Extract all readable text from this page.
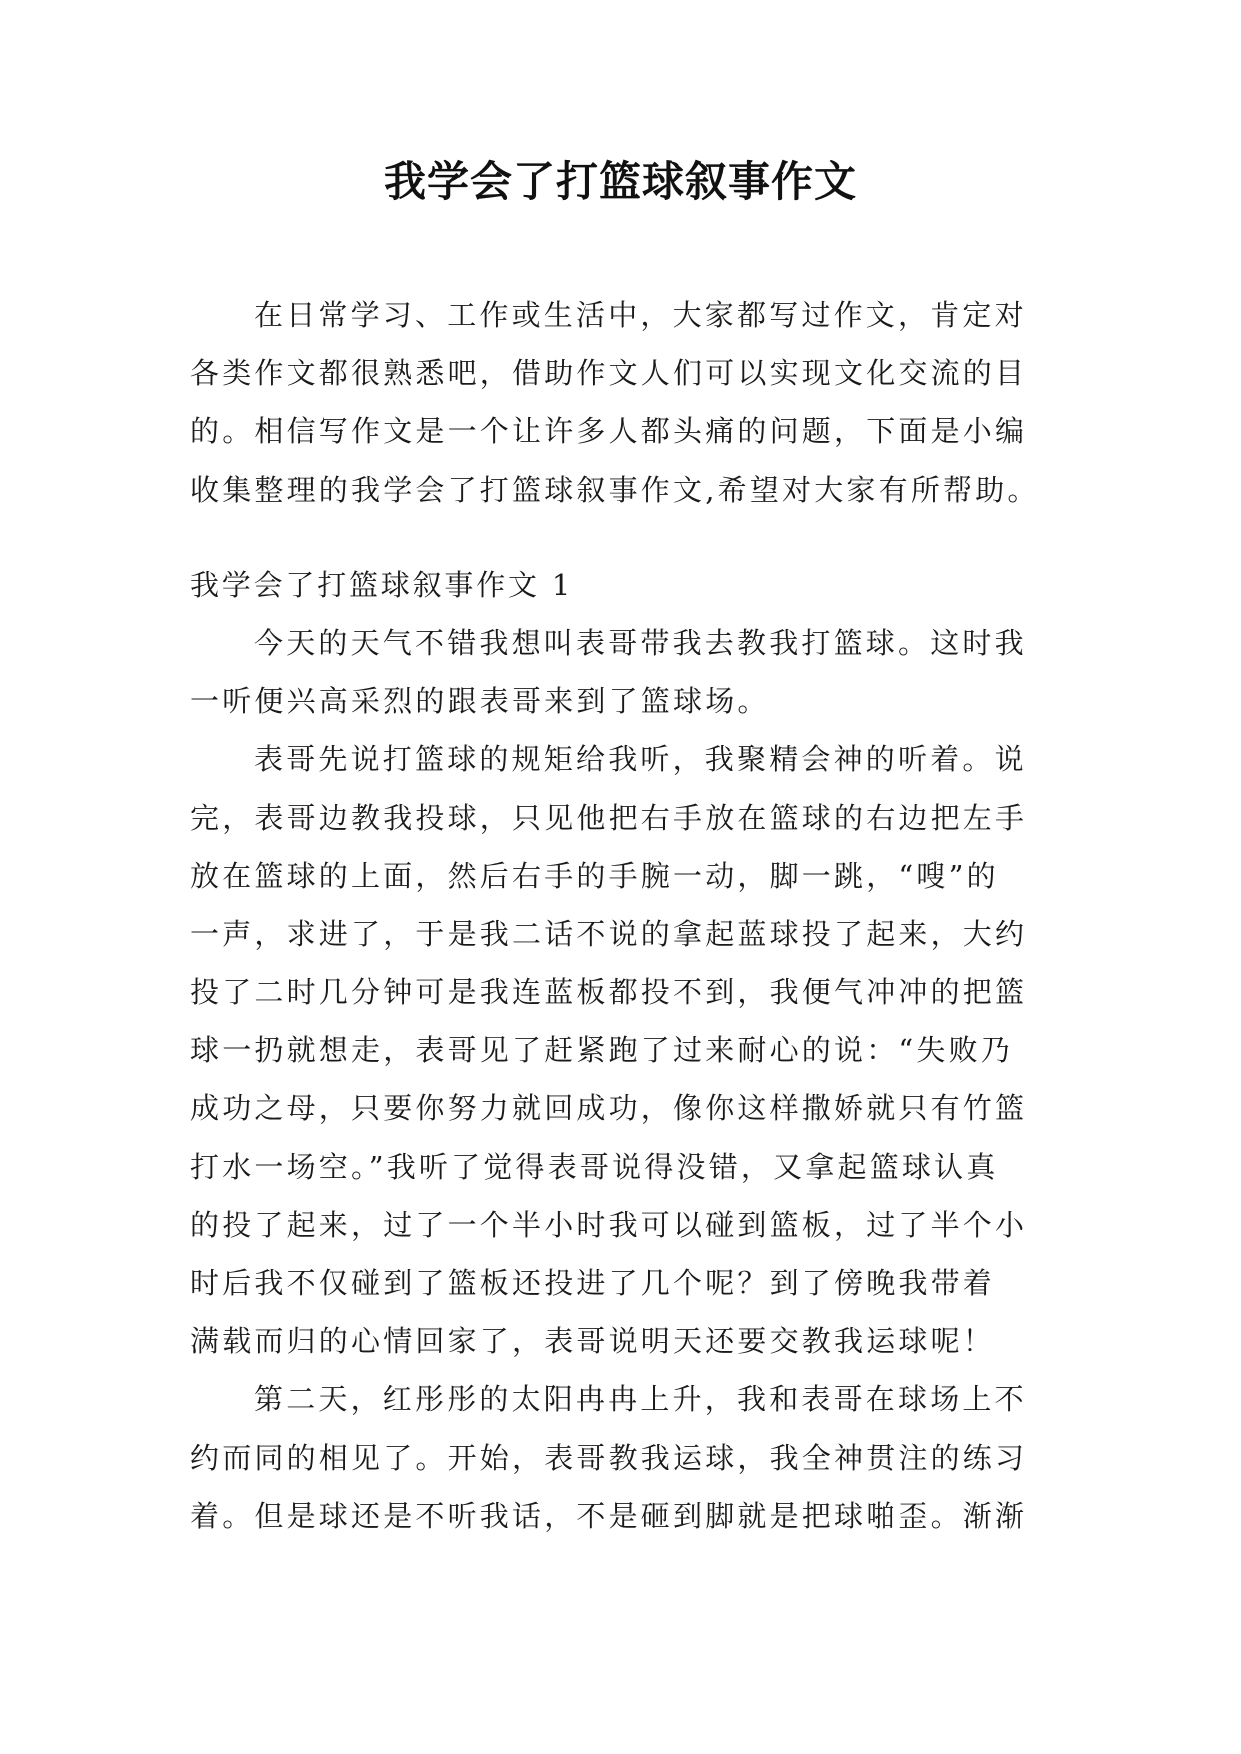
我学会了打篮球叙事作文
在日常学习、工作或生活中，大家都写过作文，肯定对
各类作文都很熟悉吧，借助作文人们可以实现文化交流的目
的。相信写作文是一个让许多人都头痛的问题，下面是小编
收集整理的我学会了打篮球叙事作文,希望对大家有所帮助。
我学会了打篮球叙事作文 1
今天的天气不错我想叫表哥带我去教我打篮球。这时我
一听便兴高采烈的跟表哥来到了篮球场。
表哥先说打篮球的规矩给我听，我聚精会神的听着。说
完，表哥边教我投球，只见他把右手放在篮球的右边把左手
放在篮球的上面，然后右手的手腕一动，脚一跳，“嗖”的
一声，求进了，于是我二话不说的拿起蓝球投了起来，大约
投了二时几分钟可是我连蓝板都投不到，我便气冲冲的把篮
球一扔就想走，表哥见了赶紧跑了过来耐心的说：“失败乃
成功之母，只要你努力就回成功，像你这样撒娇就只有竹篮
打水一场空。”我听了觉得表哥说得没错，又拿起篮球认真
的投了起来，过了一个半小时我可以碰到篮板，过了半个小
时后我不仅碰到了篮板还投进了几个呢？到了傍晚我带着
满载而归的心情回家了，表哥说明天还要交教我运球呢！
第二天，红彤彤的太阳冉冉上升，我和表哥在球场上不
约而同的相见了。开始，表哥教我运球，我全神贯注的练习
着。但是球还是不听我话，不是砸到脚就是把球啪歪。渐渐
